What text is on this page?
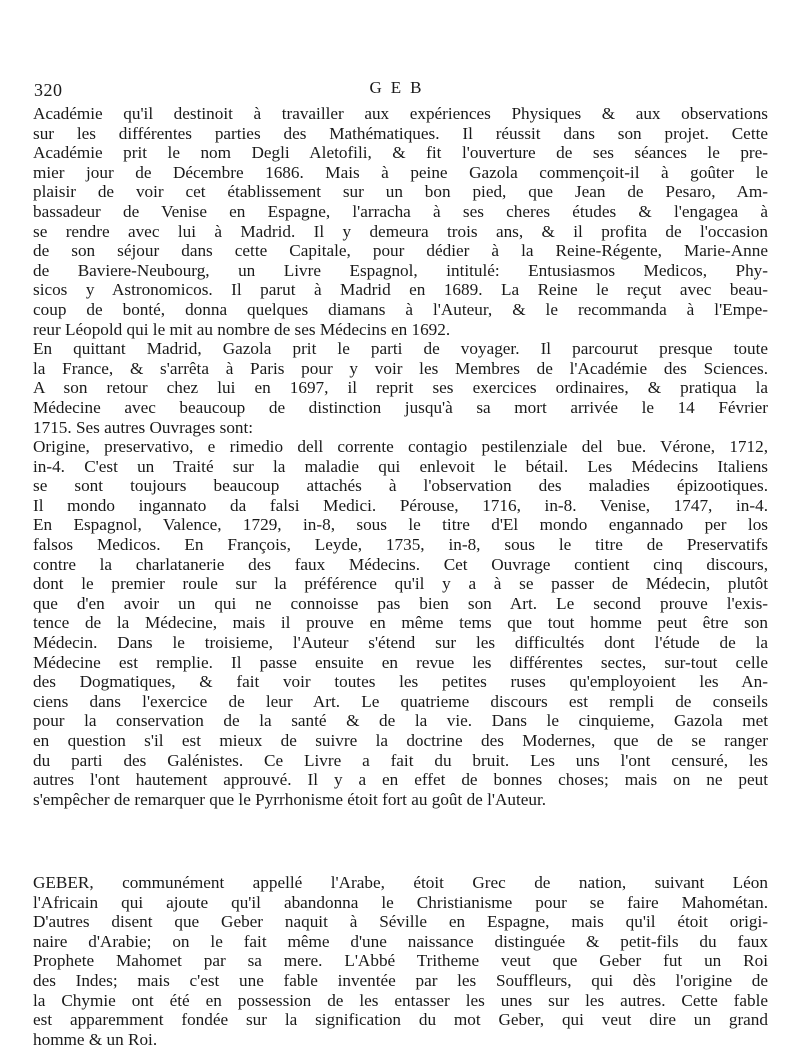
320	GEB

Académie qu'il destinoit à travailler aux expériences Physiques & aux observations

sur les différentes parties des Mathématiques. Il réussit dans son projet. Cette

Académie prit le nom Degli Aletofili, & fit l'ouverture de ses séances le pre-

mier jour de Décembre 1686. Mais à peine Gazola commençoit-il à goûter le

plaisir de voir cet établissement sur un bon pied, que Jean de Pesaro, Am-

bassadeur de Venise en Espagne, l'arracha à ses cheres études & l'engagea à

se rendre avec lui à Madrid. Il y demeura trois ans, & il profita de l'occasion

de son séjour dans cette Capitale, pour dédier à la Reine-Régente, Marie-Anne

de Baviere-Neubourg, un Livre Espagnol, intitulé: Entusiasmos Medicos, Phy-

sicos y Astronomicos. Il parut à Madrid en 1689. La Reine le reçut avec beau-

coup de bonté, donna quelques diamans à l'Auteur, & le recommanda à l'Empe-

reur Léopold qui le mit au nombre de ses Médecins en 1692.

En quittant Madrid, Gazola prit le parti de voyager. Il parcourut presque toute

la France, & s'arrêta à Paris pour y voir les Membres de l'Académie des Sciences.

A son retour chez lui en 1697, il reprit ses exercices ordinaires, & pratiqua la

Médecine avec beaucoup de distinction jusqu'à sa mort arrivée le 14 Février

1715. Ses autres Ouvrages sont:

Origine, preservativo, e rimedio dell corrente contagio pestilenziale del bue. Vérone, 1712,

in-4. C'est un Traité sur la maladie qui enlevoit le bétail. Les Médecins Italiens

se sont toujours beaucoup attachés à l'observation des maladies épizootiques.

Il mondo ingannato da falsi Medici. Pérouse, 1716, in-8. Venise, 1747, in-4.

En Espagnol, Valence, 1729, in-8, sous le titre d'El mondo engannado per los

falsos Medicos. En François, Leyde, 1735, in-8, sous le titre de Preservatifs

contre la charlatanerie des faux Médecins. Cet Ouvrage contient cinq discours,

dont le premier roule sur la préférence qu'il y a à se passer de Médecin, plutôt

que d'en avoir un qui ne connoisse pas bien son Art. Le second prouve l'exis-

tence de la Médecine, mais il prouve en même tems que tout homme peut être son

Médecin. Dans le troisieme, l'Auteur s'étend sur les difficultés dont l'étude de la

Médecine est remplie. Il passe ensuite en revue les différentes sectes, sur-tout celle

des Dogmatiques, & fait voir toutes les petites ruses qu'employoient les An-

ciens dans l'exercice de leur Art. Le quatrieme discours est rempli de conseils

pour la conservation de la santé & de la vie. Dans le cinquieme, Gazola met

en question s'il est mieux de suivre la doctrine des Modernes, que de se ranger

du parti des Galénistes. Ce Livre a fait du bruit. Les uns l'ont censuré, les

autres l'ont hautement approuvé. Il y a en effet de bonnes choses; mais on ne peut

s'empêcher de remarquer que le Pyrrhonisme étoit fort au goût de l'Auteur.

GEBER, communément appellé l'Arabe, étoit Grec de nation, suivant Léon

l'Africain qui ajoute qu'il abandonna le Christianisme pour se faire Mahométan.

D'autres disent que Geber naquit à Séville en Espagne, mais qu'il étoit origi-

naire d'Arabie; on le fait même d'une naissance distinguée & petit-fils du faux

Prophete Mahomet par sa mere. L'Abbé Tritheme veut que Geber fut un Roi

des Indes; mais c'est une fable inventée par les Souffleurs, qui dès l'origine de

la Chymie ont été en possession de les entasser les unes sur les autres. Cette fable

est apparemment fondée sur la signification du mot Geber, qui veut dire un grand

homme & un Roi.
